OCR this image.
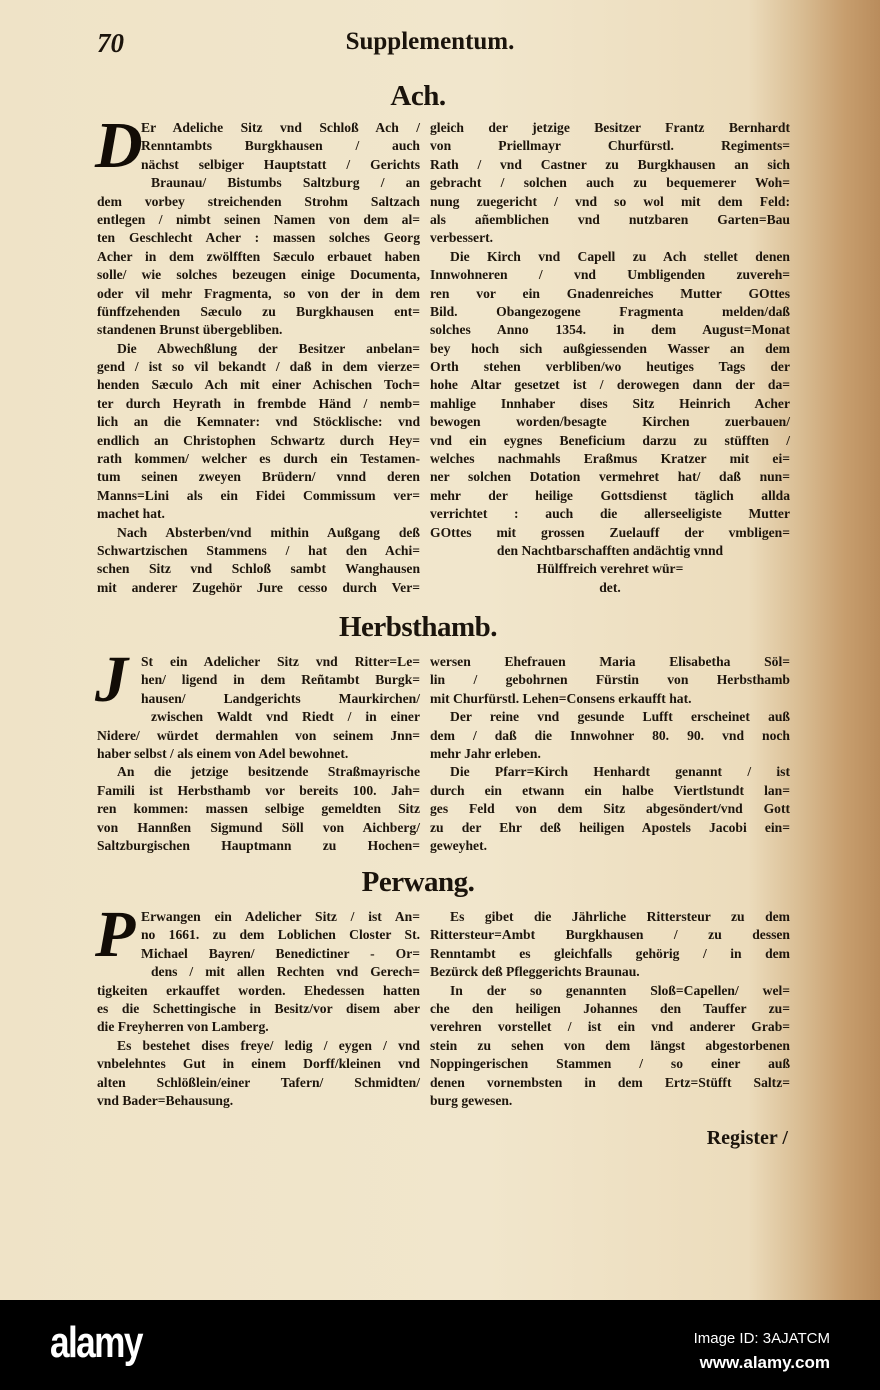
70	Supplementum.
Ach.
Er Adeliche Sitz vnd Schloß Ach /
Renntambts Burgkhausen / auch
nächst selbiger Hauptstatt / Gerichts
Braunau/ Bistumbs Saltzburg / an
dem vorbey streichenden Strohm Saltzach
entlegen / nimbt seinen Namen von dem al=
ten Geschlecht Acher : massen solches Georg
Acher in dem zwölfften Sæculo erbauet haben
solle/ wie solches bezeugen einige Documenta,
oder vil mehr Fragmenta, so von der in dem
fünffzehenden Sæculo zu Burgkhausen ent=
standenen Brunst übergebliben.
D
Die Abwechßlung der Besitzer anbelan=
gend / ist so vil bekandt / daß in dem vierze=
henden Sæculo Ach mit einer Achischen Toch=
ter durch Heyrath in frembde Händ / nemb=
lich an die Kemnater: vnd Stöcklische: vnd
endlich an Christophen Schwartz durch Hey=
rath kommen/ welcher es durch ein Testamen-
tum seinen zweyen Brüdern/ vnnd deren
Manns=Lini als ein Fidei Commissum ver=
machet hat.
Nach Absterben/vnd mithin Außgang deß
Schwartzischen Stammens / hat den Achi=
schen Sitz vnd Schloß sambt Wanghausen
mit anderer Zugehör Jure cesso durch Ver=
gleich der jetzige Besitzer Frantz Bernhardt
von Priellmayr Churfürstl. Regiments=
Rath / vnd Castner zu Burgkhausen an sich
gebracht / solchen auch zu bequemerer Woh=
nung zuegericht / vnd so wol mit dem Feld:
als añemblichen vnd nutzbaren Garten=Bau
verbessert.
Die Kirch vnd Capell zu Ach stellet denen
Innwohneren / vnd Umbligenden zuvereh=
ren vor ein Gnadenreiches Mutter GOttes
Bild. Obangezogene Fragmenta melden/daß
solches Anno 1354. in dem August=Monat
bey hoch sich außgiessenden Wasser an dem
Orth stehen verbliben/wo heutiges Tags der
hohe Altar gesetzet ist / derowegen dann der da=
mahlige Innhaber dises Sitz Heinrich Acher
bewogen worden/besagte Kirchen zuerbauen/
vnd ein eygnes Beneficium darzu zu stüfften /
welches nachmahls Eraßmus Kratzer mit ei=
ner solchen Dotation vermehret hat/ daß nun=
mehr der heilige Gottsdienst täglich allda
verrichtet : auch die allerseeligiste Mutter
GOttes mit grossen Zuelauff der vmbligen=
den Nachtbarschafften andächtig vnnd
Hülffreich verehret wür=
det.
Herbsthamb.
St ein Adelicher Sitz vnd Ritter=Le=
hen/ ligend in dem Reñtambt Burgk=
hausen/ Landgerichts Maurkirchen/
zwischen Waldt vnd Riedt / in einer
Nidere/ würdet dermahlen von seinem Jnn=
haber selbst / als einem von Adel bewohnet.
J
An die jetzige besitzende Straßmayrische
Famili ist Herbsthamb vor bereits 100. Jah=
ren kommen: massen selbige gemeldten Sitz
von Hannßen Sigmund Söll von Aichberg/
Saltzburgischen Hauptmann zu Hochen=
wersen Ehefrauen Maria Elisabetha Söl=
lin / gebohrnen Fürstin von Herbsthamb
mit Churfürstl. Lehen=Consens erkaufft hat.
Der reine vnd gesunde Lufft erscheinet auß
dem / daß die Innwohner 80. 90. vnd noch
mehr Jahr erleben.
Die Pfarr=Kirch Henhardt genannt / ist
durch ein etwann ein halbe Viertlstundt lan=
ges Feld von dem Sitz abgesöndert/vnd Gott
zu der Ehr deß heiligen Apostels Jacobi ein=
geweyhet.
Perwang.
Erwangen ein Adelicher Sitz / ist An=
no 1661. zu dem Loblichen Closter St.
Michael Bayren/ Benedictiner - Or=
dens / mit allen Rechten vnd Gerech=
tigkeiten erkauffet worden. Ehedessen hatten
es die Schettingische in Besitz/vor disem aber
die Freyherren von Lamberg.
P
Es bestehet dises freye/ ledig / eygen / vnd
vnbelehntes Gut in einem Dorff/kleinen vnd
alten Schlößlein/einer Tafern/ Schmidten/
vnd Bader=Behausung.
Es gibet die Jährliche Rittersteur zu dem
Rittersteur=Ambt Burgkhausen / zu dessen
Renntambt es gleichfalls gehörig / in dem
Bezürck deß Pfleggerichts Braunau.
In der so genannten Sloß=Capellen/ wel=
che den heiligen Johannes den Tauffer zu=
verehren vorstellet / ist ein vnd anderer Grab=
stein zu sehen von dem längst abgestorbenen
Noppingerischen Stammen / so einer auß
denen vornembsten in dem Ertz=Stüfft Saltz=
burg gewesen.
Register /
alamy	Image ID: 3AJATCM
www.alamy.com
